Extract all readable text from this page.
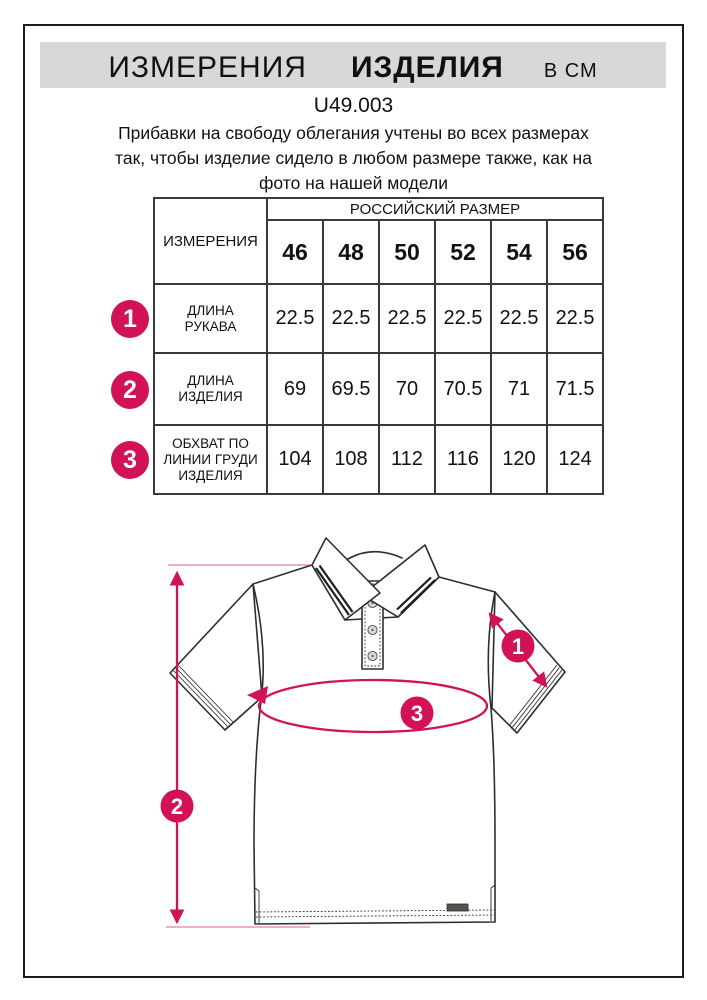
ИЗМЕРЕНИЯ ИЗДЕЛИЯ В СМ
U49.003
Прибавки на свободу облегания учтены во всех размерах
так, чтобы изделие сидело в любом размере также, как на
фото на нашей модели
ИЗМЕРЕНИЯ	РОССИЙСКИЙ РАЗМЕР					
	46	48	50	52	54	56
ДЛИНА РУКАВА	22.5	22.5	22.5	22.5	22.5	22.5
ДЛИНА ИЗДЕЛИЯ	69	69.5	70	70.5	71	71.5
ОБХВАТ ПО ЛИНИИ ГРУДИ ИЗДЕЛИЯ	104	108	112	116	120	124
1
2
3
1
2
3
